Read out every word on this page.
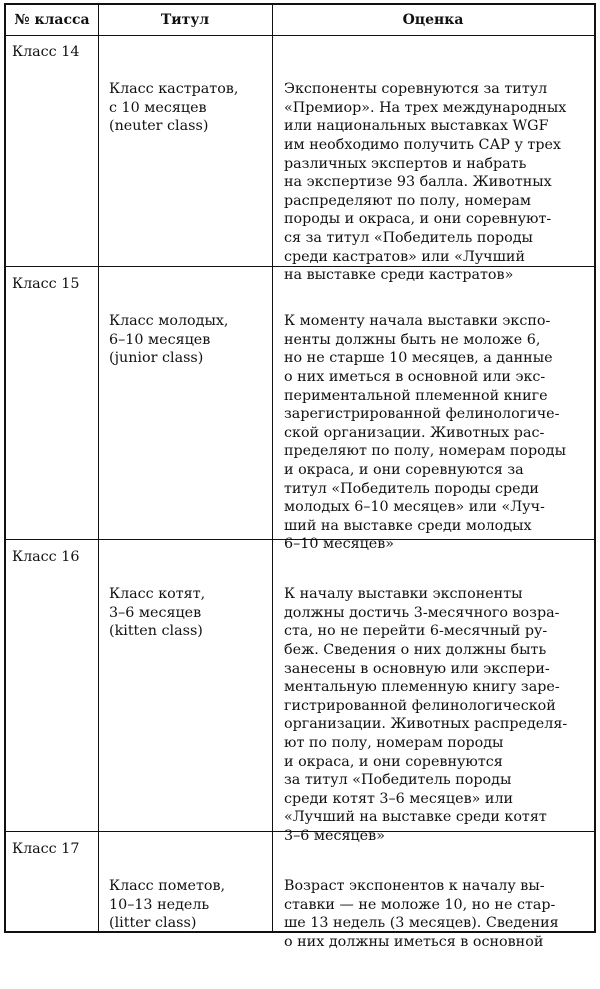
№ класса	Титул	Оценка
Класс 14

Класс кастратов,
с 10 месяцев
(neuter class)

Экспоненты соревнуются за титул
«Премиор». На трех международных
или национальных выставках WGF
им необходимо получить САР у трех
различных экспертов и набрать
на экспертизе 93 балла. Животных
распределяют по полу, номерам
породы и окраса, и они соревнуют-
ся за титул «Победитель породы
среди кастратов» или «Лучший
на выставке среди кастратов»

Класс 15

Класс молодых,
6–10 месяцев
(junior class)

К моменту начала выставки экспо-
ненты должны быть не моложе 6,
но не старше 10 месяцев, а данные
о них иметься в основной или экс-
периментальной племенной книге
зарегистрированной фелинологиче-
ской организации. Животных рас-
пределяют по полу, номерам породы
и окраса, и они соревнуются за
титул «Победитель породы среди
молодых 6–10 месяцев» или «Луч-
ший на выставке среди молодых
6–10 месяцев»

Класс 16

Класс котят,
3–6 месяцев
(kitten class)

К началу выставки экспоненты
должны достичь 3-месячного возра-
ста, но не перейти 6-месячный ру-
беж. Сведения о них должны быть
занесены в основную или экспери-
ментальную племенную книгу заре-
гистрированной фелинологической
организации. Животных распределя-
ют по полу, номерам породы
и окраса, и они соревнуются
за титул «Победитель породы
среди котят 3–6 месяцев» или
«Лучший на выставке среди котят
3–6 месяцев»

Класс 17

Класс пометов,
10–13 недель
(litter class)

Возраст экспонентов к началу вы-
ставки — не моложе 10, но не стар-
ше 13 недель (3 месяцев). Сведения
о них должны иметься в основной
